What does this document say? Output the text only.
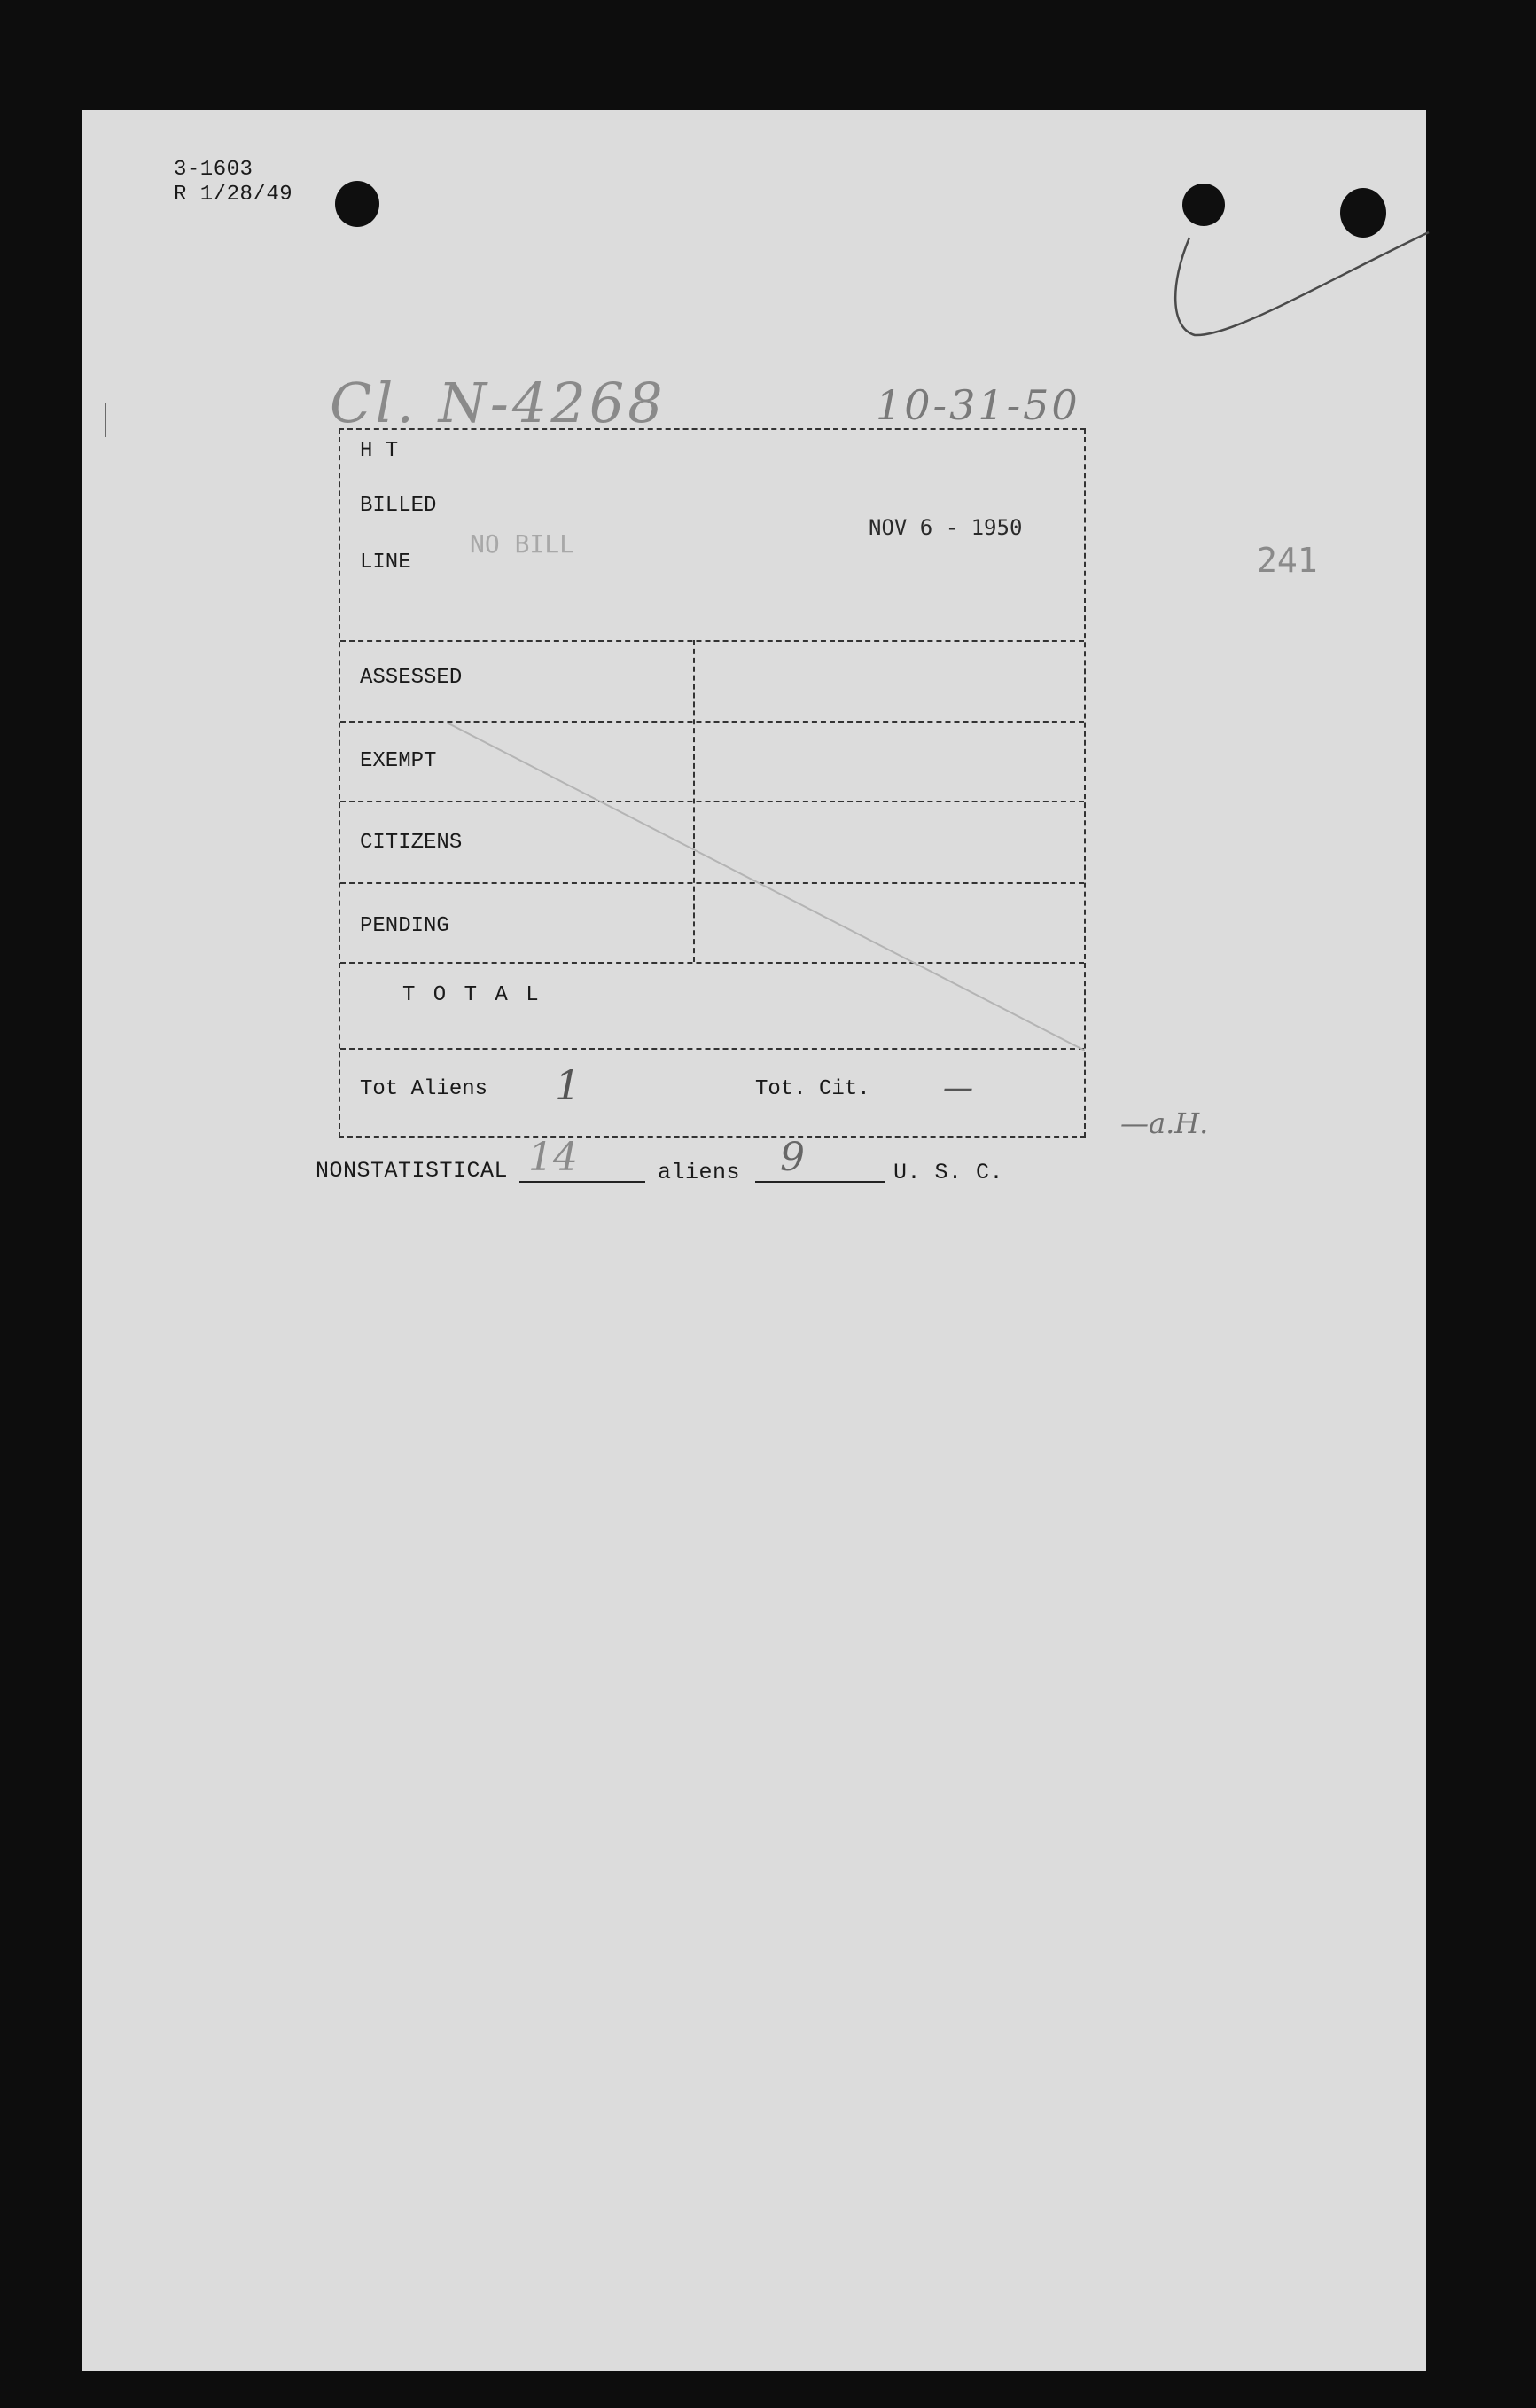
3-1603
R 1/28/49
Cl. N-4268	10-31-50
241
H T
BILLED
LINE
NO BILL
NOV 6 - 1950
ASSESSED
EXEMPT
CITIZENS
PENDING
T O T A L
Tot Aliens 1	Tot. Cit. —
—a.H.
NONSTATISTICAL 14	aliens 9	U. S. C.
